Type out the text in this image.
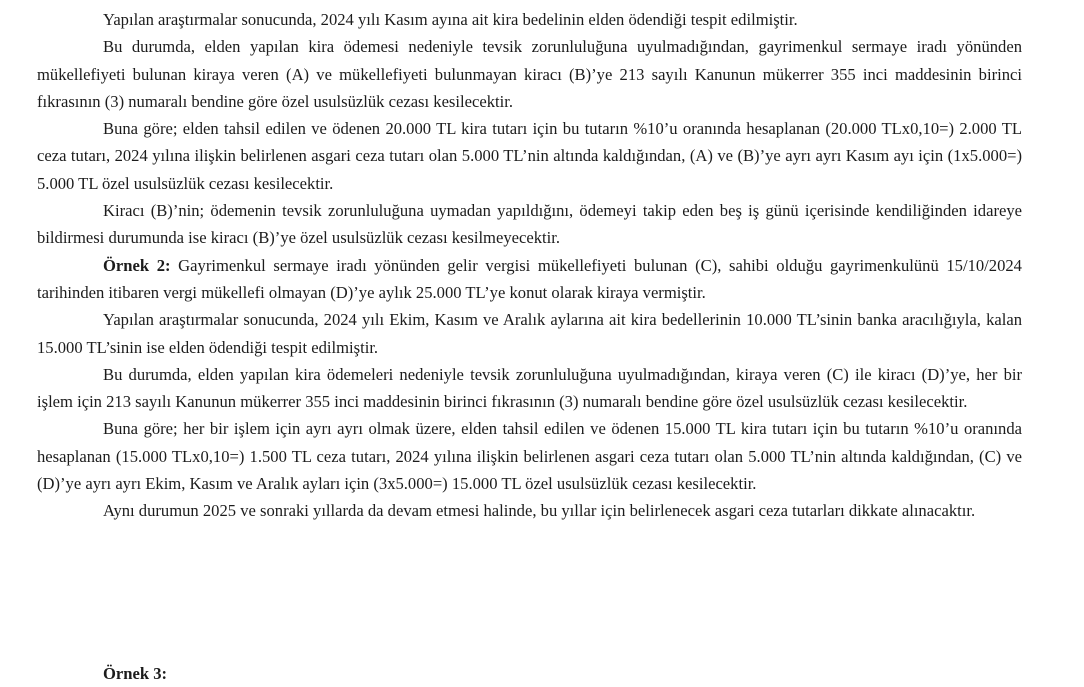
Yapılan araştırmalar sonucunda, 2024 yılı Kasım ayına ait kira bedelinin elden ödendiği tespit edilmiştir.

Bu durumda, elden yapılan kira ödemesi nedeniyle tevsik zorunluluğuna uyulmadığından, gayrimenkul sermaye iradı yönünden mükellefiyeti bulunan kiraya veren (A) ve mükellefiyeti bulunmayan kiracı (B)’ye 213 sayılı Kanunun mükerrer 355 inci maddesinin birinci fıkrasının (3) numaralı bendine göre özel usulsüzlük cezası kesilecektir.

Buna göre; elden tahsil edilen ve ödenen 20.000 TL kira tutarı için bu tutarın %10’u oranında hesaplanan (20.000 TLx0,10=) 2.000 TL ceza tutarı, 2024 yılına ilişkin belirlenen asgari ceza tutarı olan 5.000 TL’nin altında kaldığından, (A) ve (B)’ye ayrı ayrı Kasım ayı için (1x5.000=) 5.000 TL özel usulsüzlük cezası kesilecektir.

Kiracı (B)’nin; ödemenin tevsik zorunluluğuna uymadan yapıldığını, ödemeyi takip eden beş iş günü içerisinde kendiliğinden idareye bildirmesi durumunda ise kiracı (B)’ye özel usulsüzlük cezası kesilmeyecektir.

Örnek 2: Gayrimenkul sermaye iradı yönünden gelir vergisi mükellefiyeti bulunan (C), sahibi olduğu gayrimenkulünü 15/10/2024 tarihinden itibaren vergi mükellefi olmayan (D)’ye aylık 25.000 TL’ye konut olarak kiraya vermiştir.

Yapılan araştırmalar sonucunda, 2024 yılı Ekim, Kasım ve Aralık aylarına ait kira bedellerinin 10.000 TL’sinin banka aracılığıyla, kalan 15.000 TL’sinin ise elden ödendiği tespit edilmiştir.

Bu durumda, elden yapılan kira ödemeleri nedeniyle tevsik zorunluluğuna uyulmadığından, kiraya veren (C) ile kiracı (D)’ye, her bir işlem için 213 sayılı Kanunun mükerrer 355 inci maddesinin birinci fıkrasının (3) numaralı bendine göre özel usulsüzlük cezası kesilecektir.

Buna göre; her bir işlem için ayrı ayrı olmak üzere, elden tahsil edilen ve ödenen 15.000 TL kira tutarı için bu tutarın %10’u oranında hesaplanan (15.000 TLx0,10=) 1.500 TL ceza tutarı, 2024 yılına ilişkin belirlenen asgari ceza tutarı olan 5.000 TL’nin altında kaldığından, (C) ve (D)’ye ayrı ayrı Ekim, Kasım ve Aralık ayları için (3x5.000=) 15.000 TL özel usulsüzlük cezası kesilecektir.

Aynı durumun 2025 ve sonraki yıllarda da devam etmesi halinde, bu yıllar için belirlenecek asgari ceza tutarları dikkate alınacaktır.

Örnek 3:
